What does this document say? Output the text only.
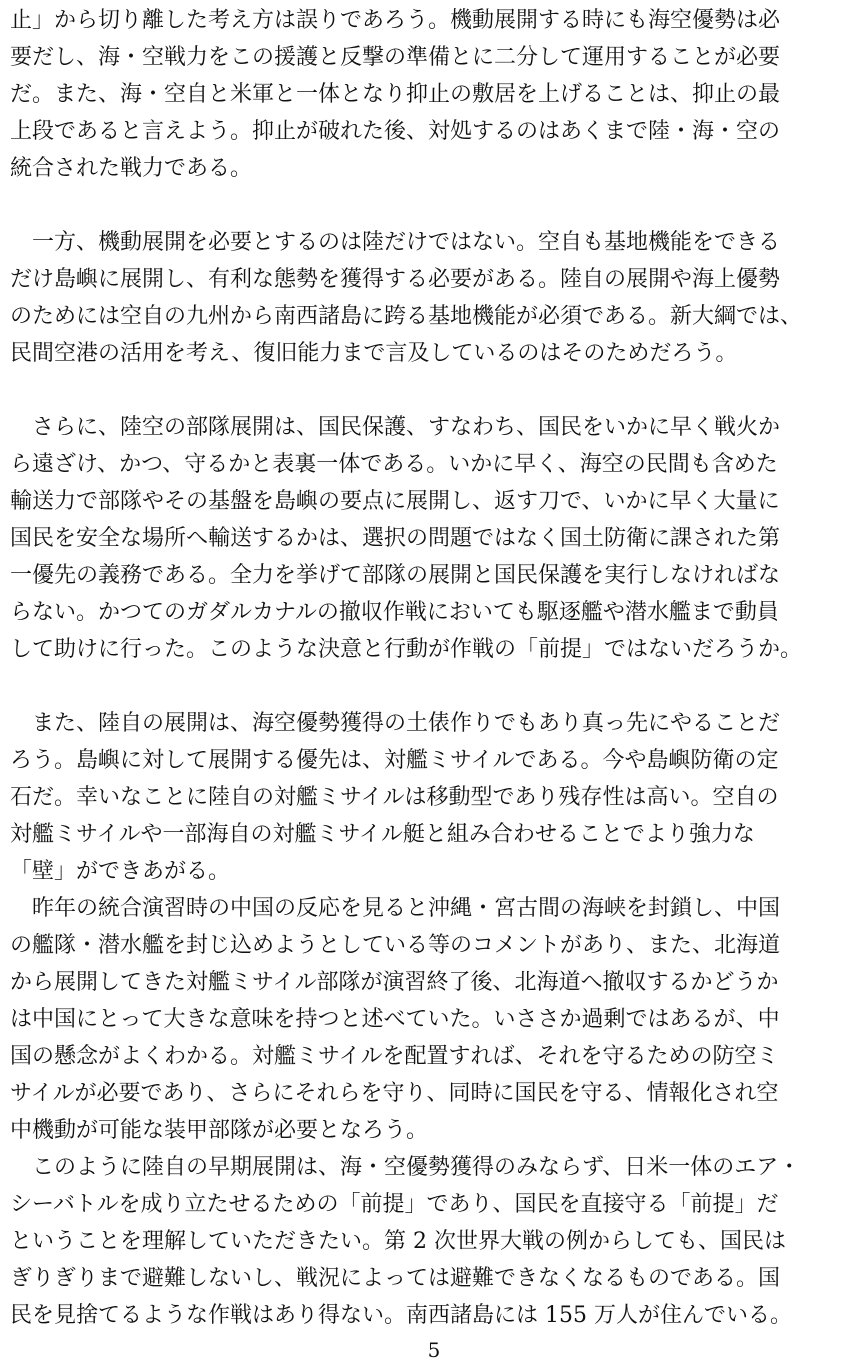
止」から切り離した考え方は誤りであろう。機動展開する時にも海空優勢は必
要だし、海・空戦力をこの援護と反撃の準備とに二分して運用することが必要
だ。また、海・空自と米軍と一体となり抑止の敷居を上げることは、抑止の最
上段であると言えよう。抑止が破れた後、対処するのはあくまで陸・海・空の
統合された戦力である。
　一方、機動展開を必要とするのは陸だけではない。空自も基地機能をできる
だけ島嶼に展開し、有利な態勢を獲得する必要がある。陸自の展開や海上優勢
のためには空自の九州から南西諸島に跨る基地機能が必須である。新大綱では、
民間空港の活用を考え、復旧能力まで言及しているのはそのためだろう。
　さらに、陸空の部隊展開は、国民保護、すなわち、国民をいかに早く戦火か
ら遠ざけ、かつ、守るかと表裏一体である。いかに早く、海空の民間も含めた
輸送力で部隊やその基盤を島嶼の要点に展開し、返す刀で、いかに早く大量に
国民を安全な場所へ輸送するかは、選択の問題ではなく国土防衛に課された第
一優先の義務である。全力を挙げて部隊の展開と国民保護を実行しなければな
らない。かつてのガダルカナルの撤収作戦においても駆逐艦や潜水艦まで動員
して助けに行った。このような決意と行動が作戦の「前提」ではないだろうか。
　また、陸自の展開は、海空優勢獲得の土俵作りでもあり真っ先にやることだ
ろう。島嶼に対して展開する優先は、対艦ミサイルである。今や島嶼防衛の定
石だ。幸いなことに陸自の対艦ミサイルは移動型であり残存性は高い。空自の
対艦ミサイルや一部海自の対艦ミサイル艇と組み合わせることでより強力な
「壁」ができあがる。
　昨年の統合演習時の中国の反応を見ると沖縄・宮古間の海峡を封鎖し、中国
の艦隊・潜水艦を封じ込めようとしている等のコメントがあり、また、北海道
から展開してきた対艦ミサイル部隊が演習終了後、北海道へ撤収するかどうか
は中国にとって大きな意味を持つと述べていた。いささか過剰ではあるが、中
国の懸念がよくわかる。対艦ミサイルを配置すれば、それを守るための防空ミ
サイルが必要であり、さらにそれらを守り、同時に国民を守る、情報化され空
中機動が可能な装甲部隊が必要となろう。
　このように陸自の早期展開は、海・空優勢獲得のみならず、日米一体のエア・
シーバトルを成り立たせるための「前提」であり、国民を直接守る「前提」だ
ということを理解していただきたい。第 2 次世界大戦の例からしても、国民は
ぎりぎりまで避難しないし、戦況によっては避難できなくなるものである。国
民を見捨てるような作戦はあり得ない。南西諸島には 155 万人が住んでいる。
5
